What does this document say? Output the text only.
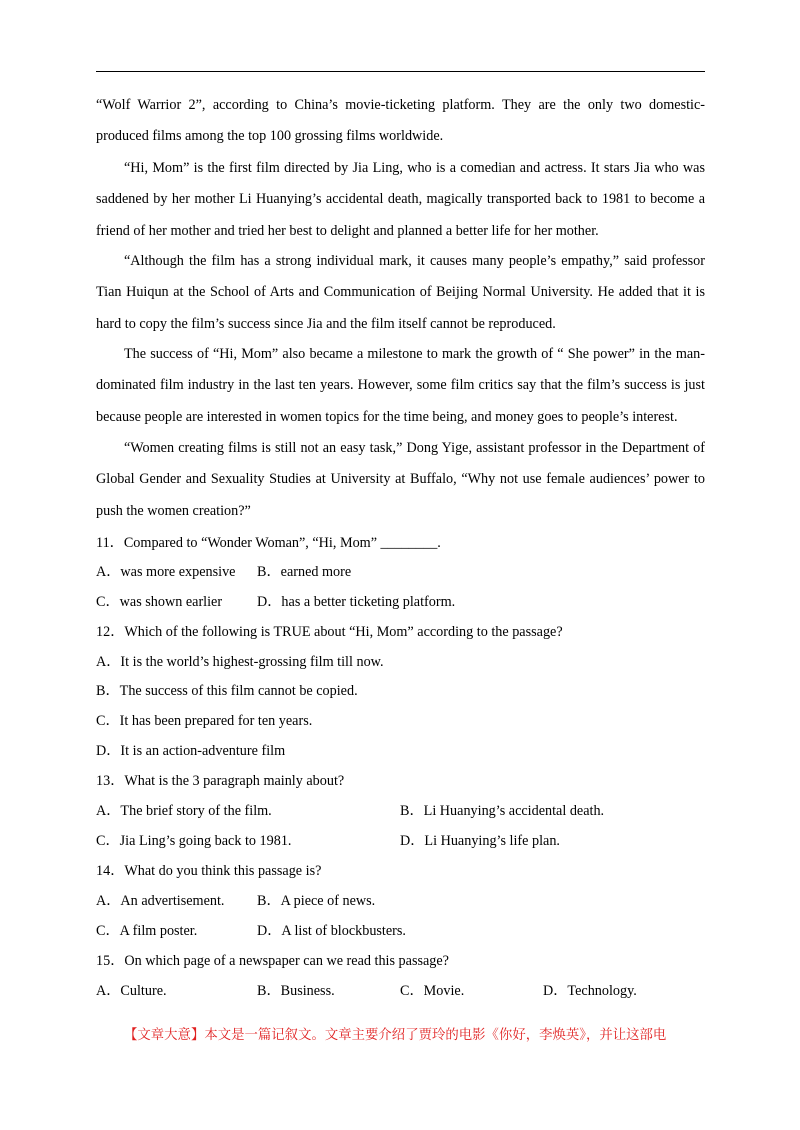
“Wolf Warrior 2”, according to China’s movie-ticketing platform. They are the only two domestic-produced films among the top 100 grossing films worldwide.

“Hi, Mom” is the first film directed by Jia Ling, who is a comedian and actress. It stars Jia who was saddened by her mother Li Huanying’s accidental death, magically transported back to 1981 to become a friend of her mother and tried her best to delight and planned a better life for her mother.

“Although the film has a strong individual mark, it causes many people’s empathy,” said professor Tian Huiqun at the School of Arts and Communication of Beijing Normal University. He added that it is hard to copy the film’s success since Jia and the film itself cannot be reproduced.

The success of “Hi, Mom” also became a milestone to mark the growth of “ She power” in the man-dominated film industry in the last ten years. However, some film critics say that the film’s success is just because people are interested in women topics for the time being, and money goes to people’s interest.

“Women creating films is still not an easy task,” Dong Yige, assistant professor in the Department of Global Gender and Sexuality Studies at University at Buffalo, “Why not use female audiences’ power to push the women creation?”

11．Compared to “Wonder Woman”, “Hi, Mom” ________.

A．was more expensive B．earned more
C．was shown earlier D．has a better ticketing platform.

12．Which of the following is TRUE about “Hi, Mom” according to the passage?

A．It is the world’s highest-grossing film till now.
B．The success of this film cannot be copied.
C．It has been prepared for ten years.
D．It is an action-adventure film

13．What is the 3 paragraph mainly about?

A．The brief story of the film.	B．Li Huanying’s accidental death.
C．Jia Ling’s going back to 1981.	D．Li Huanying’s life plan.

14．What do you think this passage is?

A．An advertisement. B．A piece of news.
C．A film poster.	D．A list of blockbusters.

15．On which page of a newspaper can we read this passage?

A．Culture.	B．Business.	C．Movie.	D．Technology.

【文章大意】本文是一篇记叙文。文章主要介绍了贾玲的电影《你好，李焕英》，并让这部电
